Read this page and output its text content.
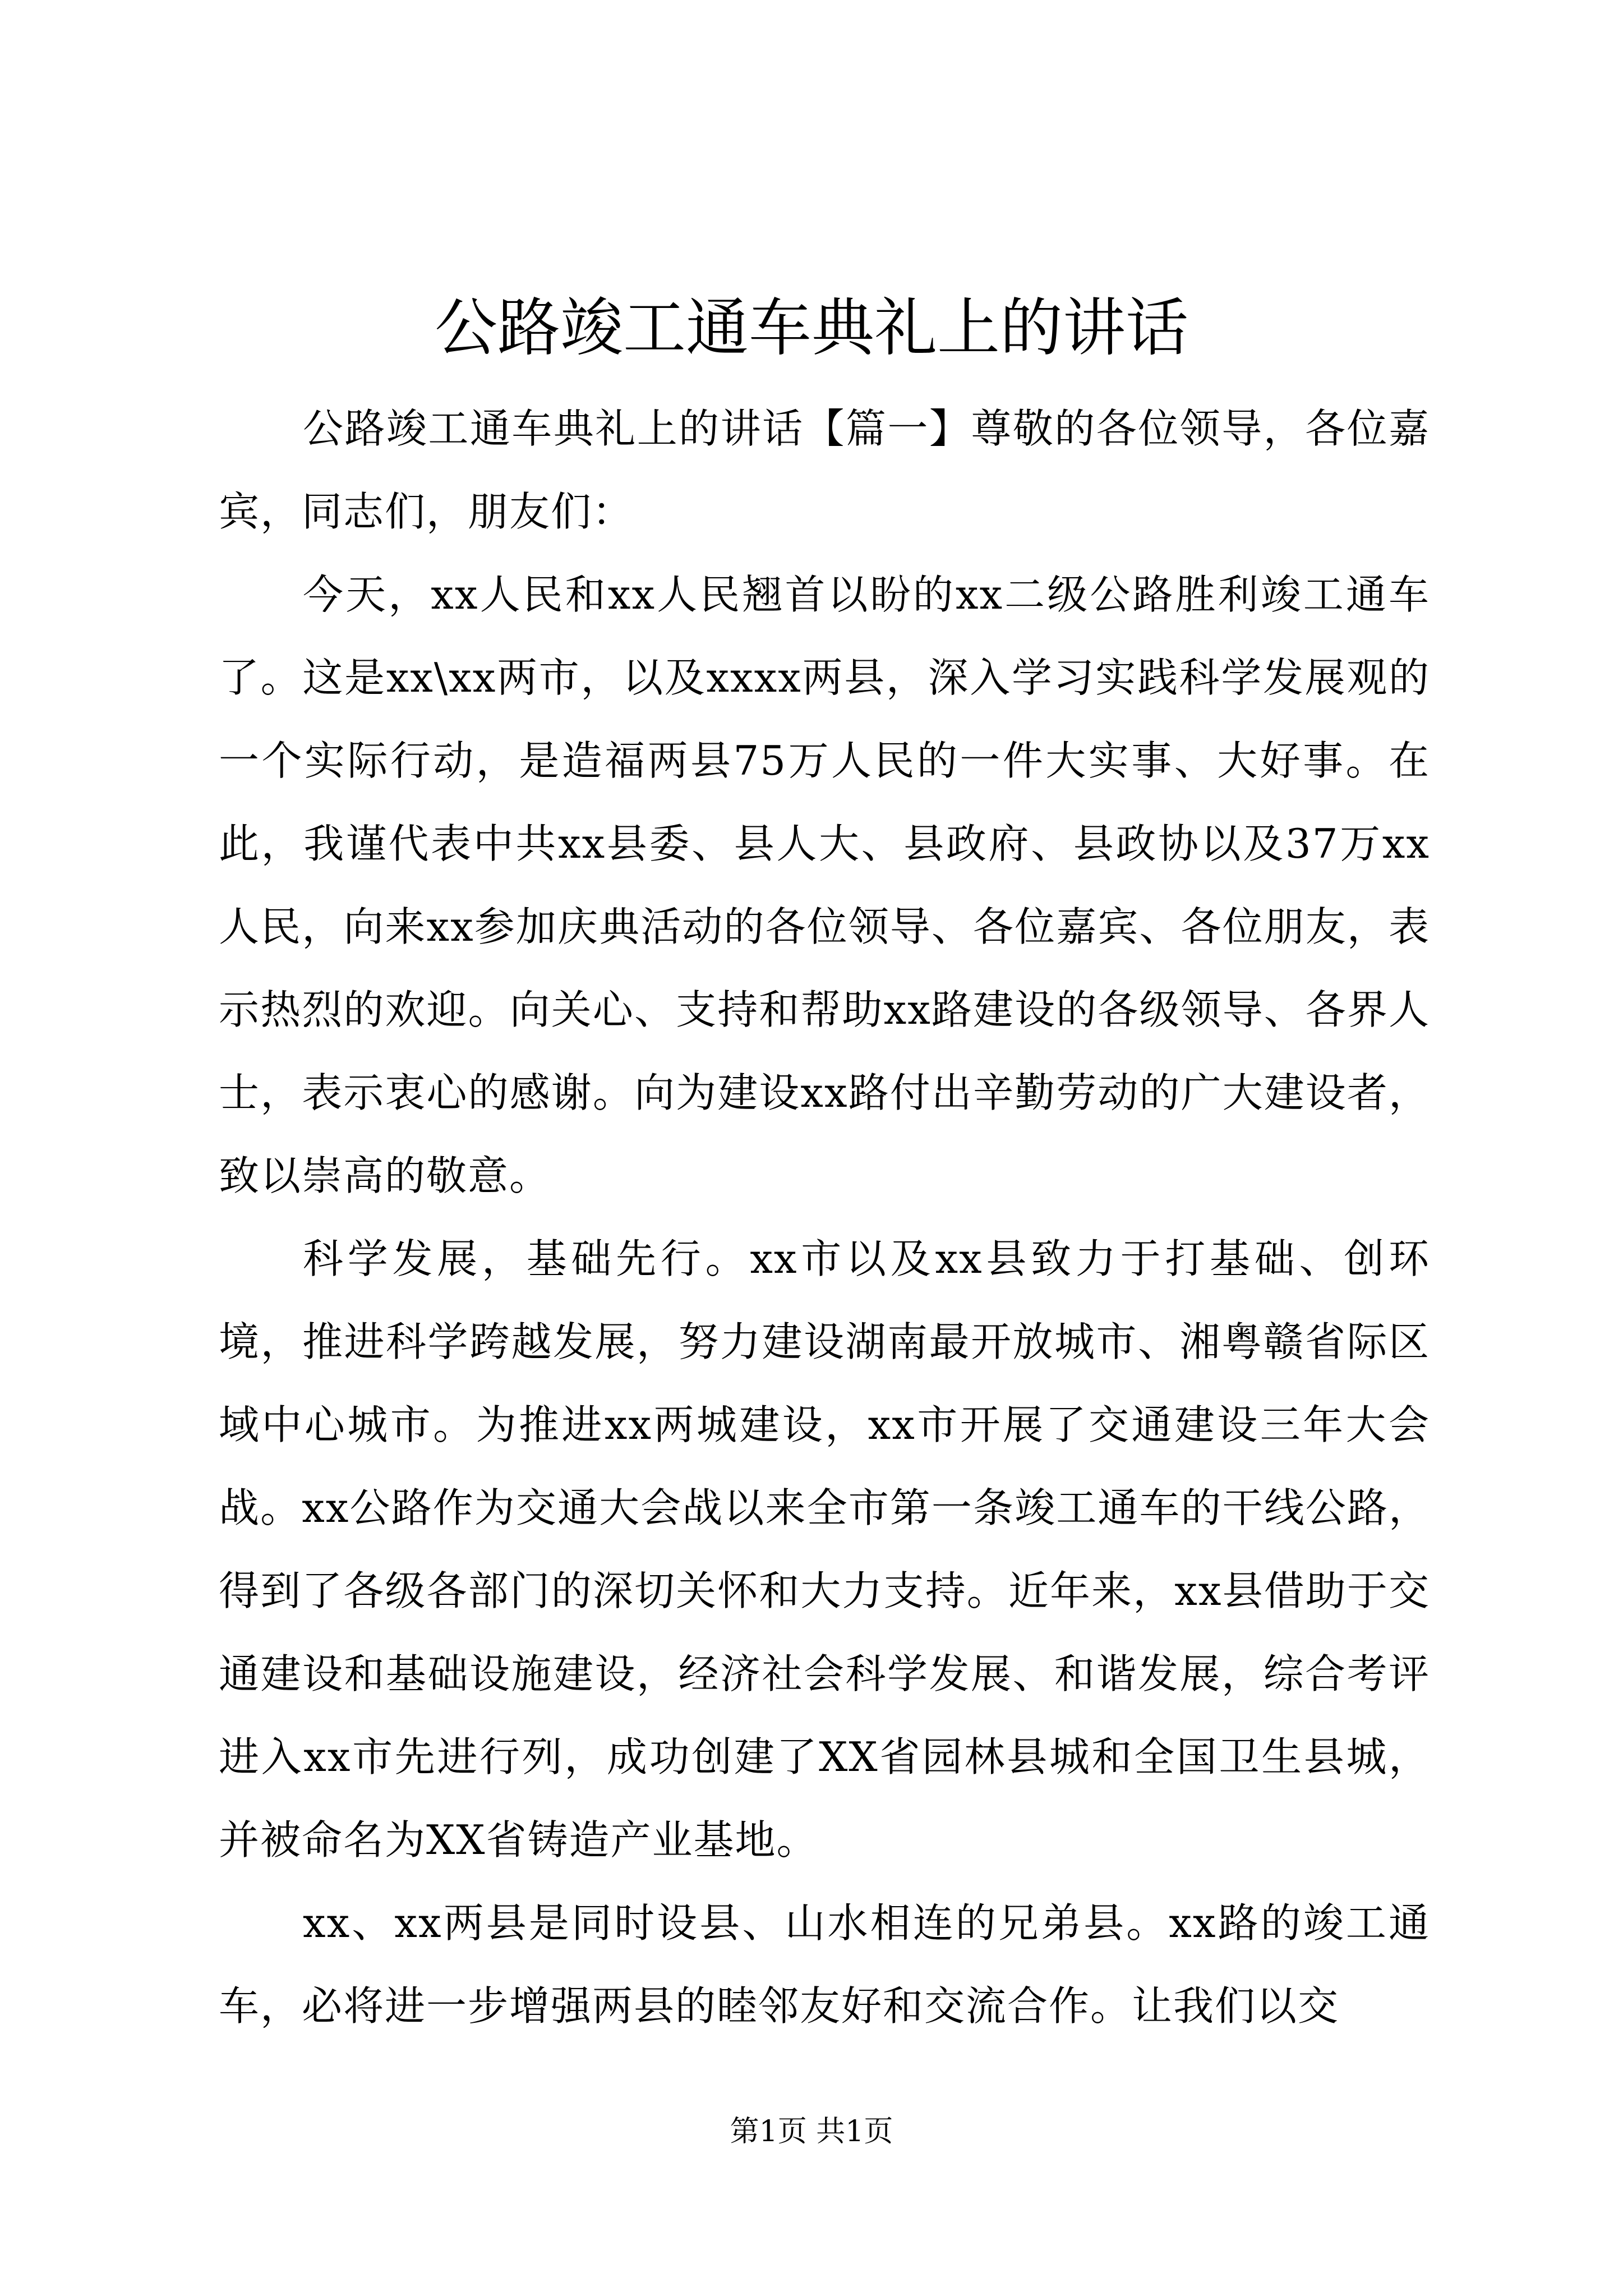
公路竣工通车典礼上的讲话

公路竣工通车典礼上的讲话【篇一】尊敬的各位领导，各位嘉宾，同志们，朋友们：

今天，xx人民和xx人民翘首以盼的xx二级公路胜利竣工通车了。这是xx\xx两市，以及xxxx两县，深入学习实践科学发展观的一个实际行动，是造福两县75万人民的一件大实事、大好事。在此，我谨代表中共xx县委、县人大、县政府、县政协以及37万xx人民，向来xx参加庆典活动的各位领导、各位嘉宾、各位朋友，表示热烈的欢迎。向关心、支持和帮助xx路建设的各级领导、各界人士，表示衷心的感谢。向为建设xx路付出辛勤劳动的广大建设者，致以崇高的敬意。

科学发展，基础先行。xx市以及xx县致力于打基础、创环境，推进科学跨越发展，努力建设湖南最开放城市、湘粤赣省际区域中心城市。为推进xx两城建设，xx市开展了交通建设三年大会战。xx公路作为交通大会战以来全市第一条竣工通车的干线公路，得到了各级各部门的深切关怀和大力支持。近年来，xx县借助于交通建设和基础设施建设，经济社会科学发展、和谐发展，综合考评进入xx市先进行列，成功创建了XX省园林县城和全国卫生县城，并被命名为XX省铸造产业基地。

xx、xx两县是同时设县、山水相连的兄弟县。xx路的竣工通车，必将进一步增强两县的睦邻友好和交流合作。让我们以交

第1页 共1页
